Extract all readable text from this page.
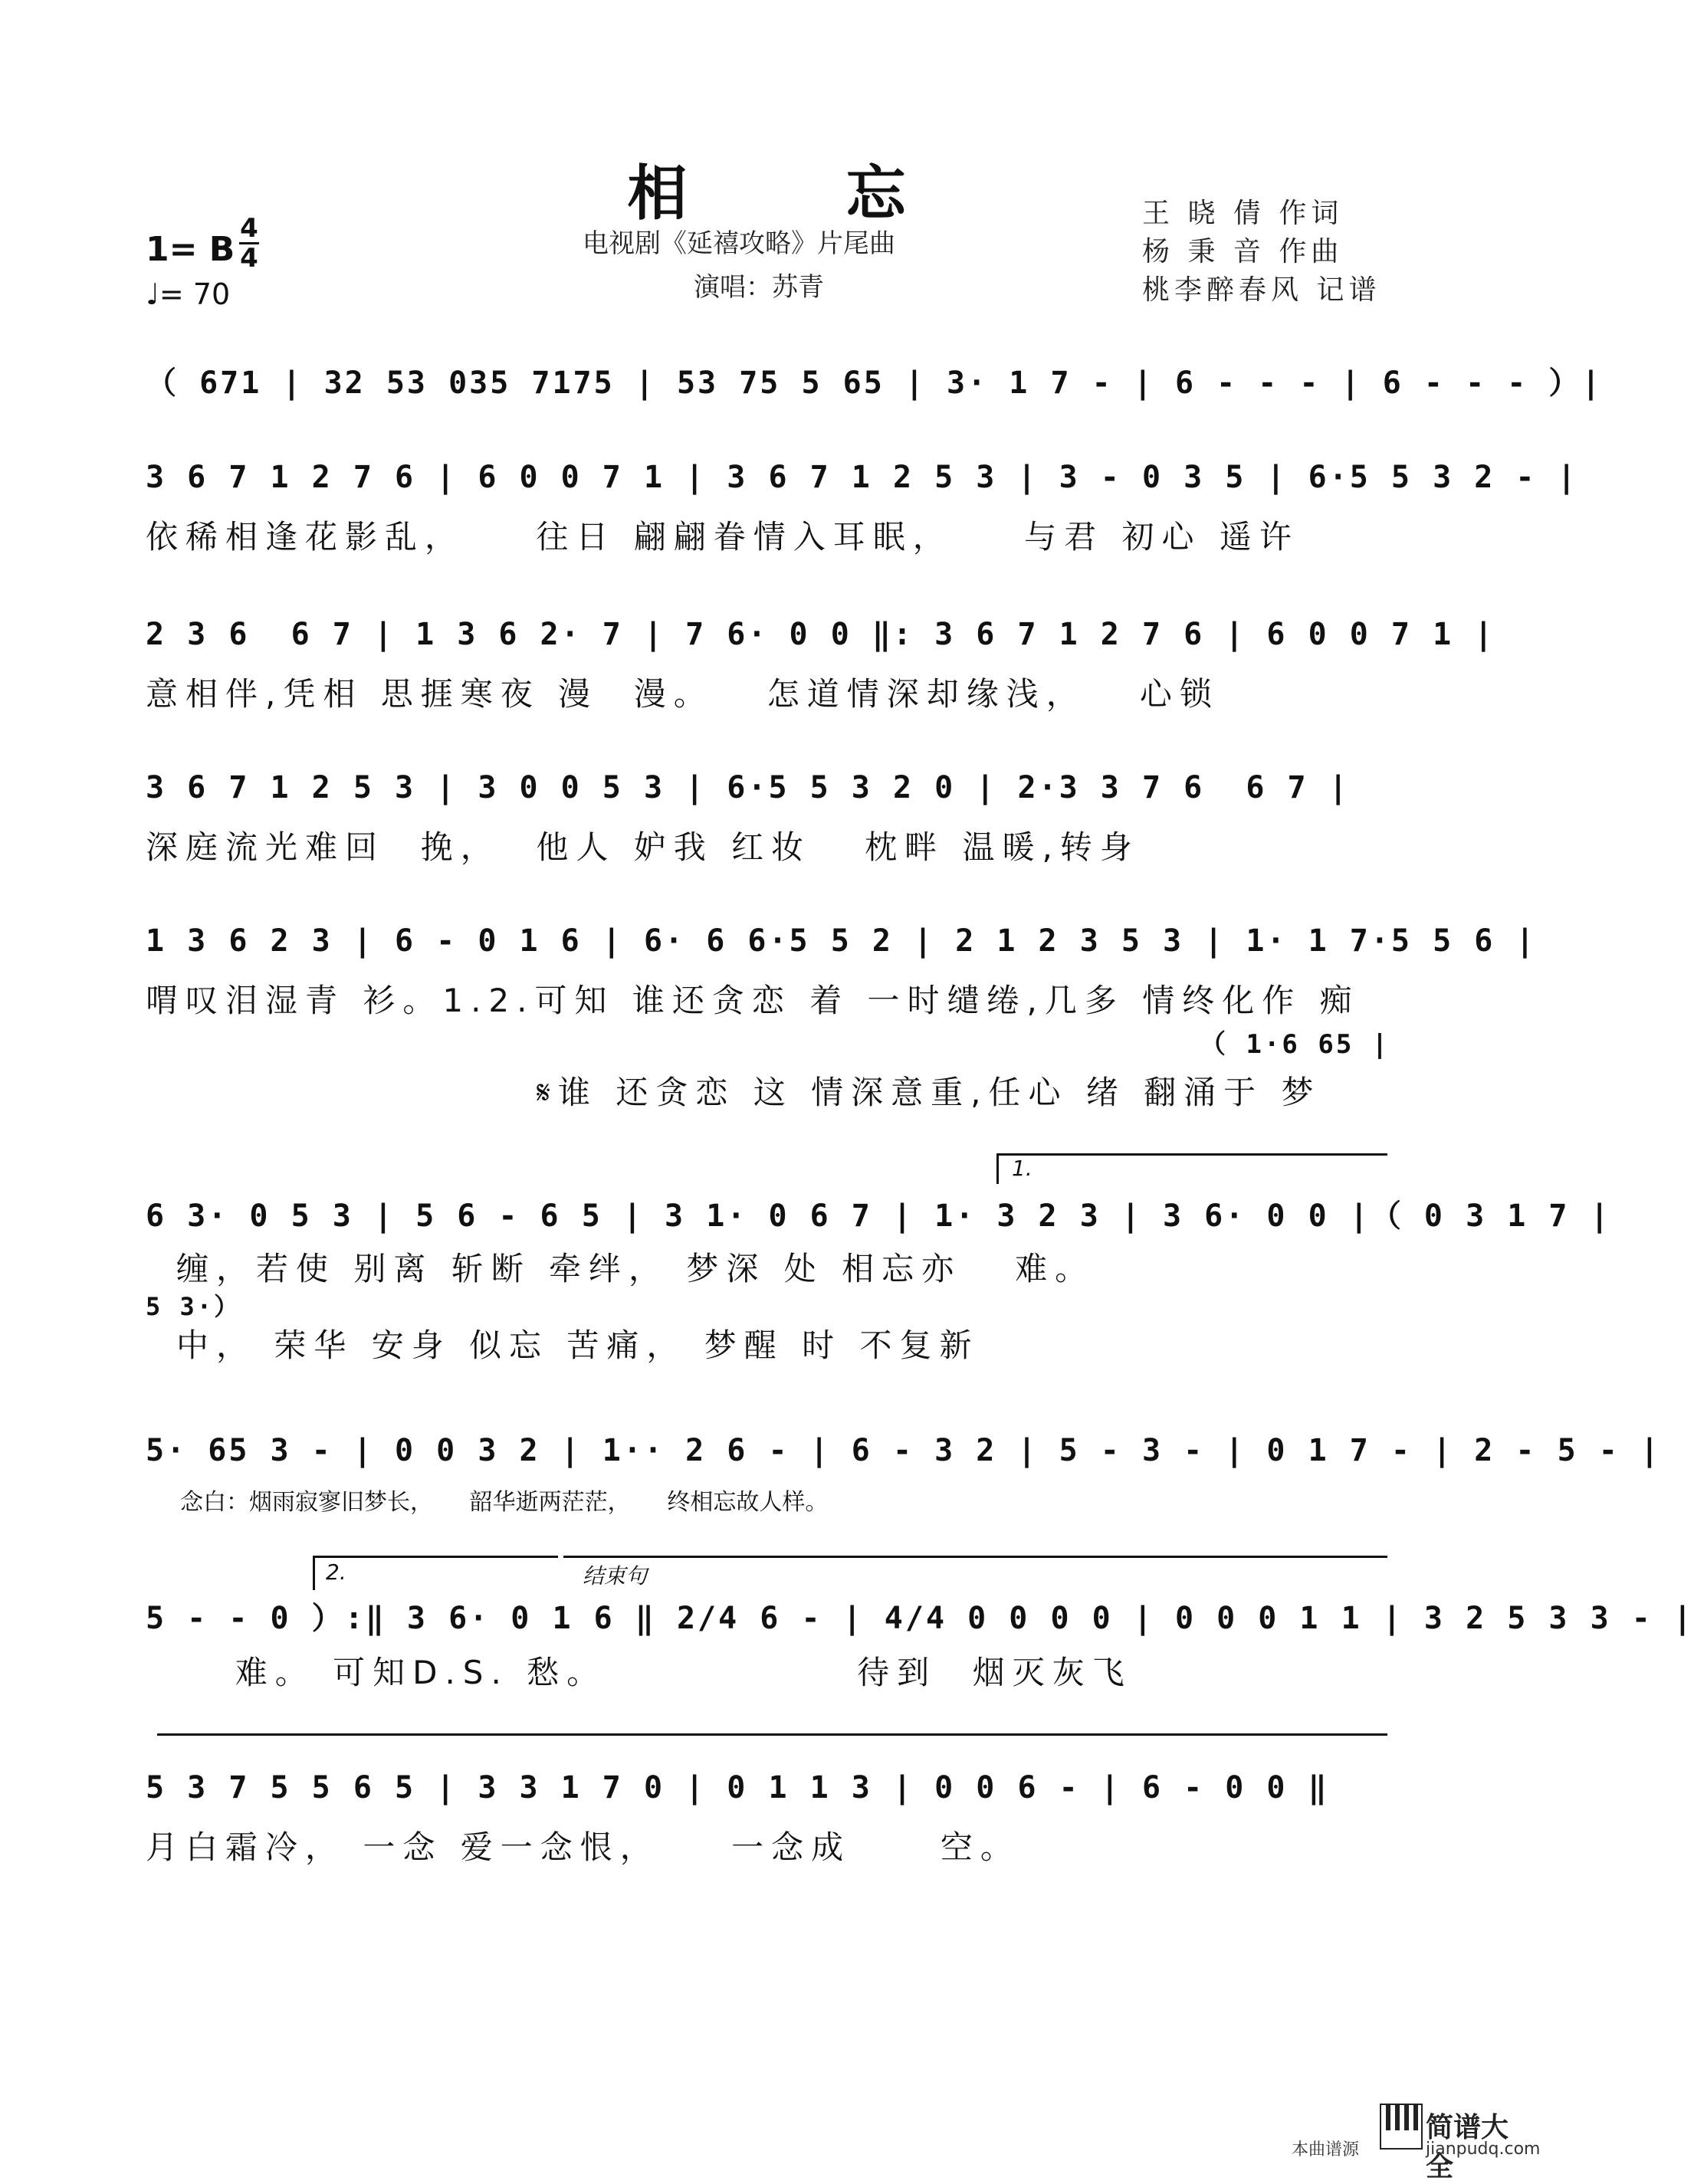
相 忘
电视剧《延禧攻略》片尾曲
演唱：苏青
王 晓 倩 作词
杨 秉 音 作曲
桃李醉春风 记谱
1= B
4
4
♩= 70
（ 671 | 32 53 035 7175 | 53 75 5 65 | 3· 1 7 - | 6 - - - | 6 - - - ）|
3 6 7 1 2 7 6 | 6 0 0 7 1 | 3 6 7 1 2 5 3 | 3 - 0 3 5 | 6·5 5 3 2 - |
依稀相逢花影乱，    往日 翩翩眷情入耳眠，    与君 初心 遥许
2 3 6  6 7 | 1 3 6 2· 7 | 7 6· 0 0 ‖: 3 6 7 1 2 7 6 | 6 0 0 7 1 |
意相伴,凭相 思捱寒夜 漫  漫。   怎道情深却缘浅，   心锁
3 6 7 1 2 5 3 | 3 0 0 5 3 | 6·5 5 3 2 0 | 2·3 3 7 6  6 7 |
深庭流光难回  挽，  他人 妒我 红妆   枕畔 温暖,转身
1 3 6 2 3 | 6 - 0 1 6 | 6· 6 6·5 5 2 | 2 1 2 3 5 3 | 1· 1 7·5 5 6 |
喟叹泪湿青 衫。1.2.可知 谁还贪恋 着 一时缱绻,几多 情终化作 痴
（ 1·6 65 |
𝄋谁 还贪恋 这 情深意重,任心 绪 翻涌于 梦
1.
6 3· 0 5 3 | 5 6 - 6 5 | 3 1· 0 6 7 | 1· 3 2 3 | 3 6· 0 0 |（ 0 3 1 7 |
缠，若使 别离 斩断 牵绊， 梦深 处 相忘亦   难。
5 3·）
中， 荣华 安身 似忘 苦痛， 梦醒 时 不复新
5· 65 3 - | 0 0 3 2 | 1·· 2 6 - | 6 - 3 2 | 5 - 3 - | 0 1 7 - | 2 - 5 - |
念白：烟雨寂寥旧梦长，     韶华逝两茫茫，     终相忘故人样。
2.	结束句
5 - - 0 ）:‖ 3 6· 0 1 6 ‖ 2/4 6 - | 4/4 0 0 0 0 | 0 0 0 1 1 | 3 2 5 3 3 - |
难。 可知D.S. 愁。              待到  烟灭灰飞
5 3 7 5 5 6 5 | 3 3 1 7 0 | 0 1 1 3 | 0 0 6 - | 6 - 0 0 ‖
月白霜冷， 一念 爱一念恨，    一念成     空。
本曲谱源
简谱大全
jianpudq.com
